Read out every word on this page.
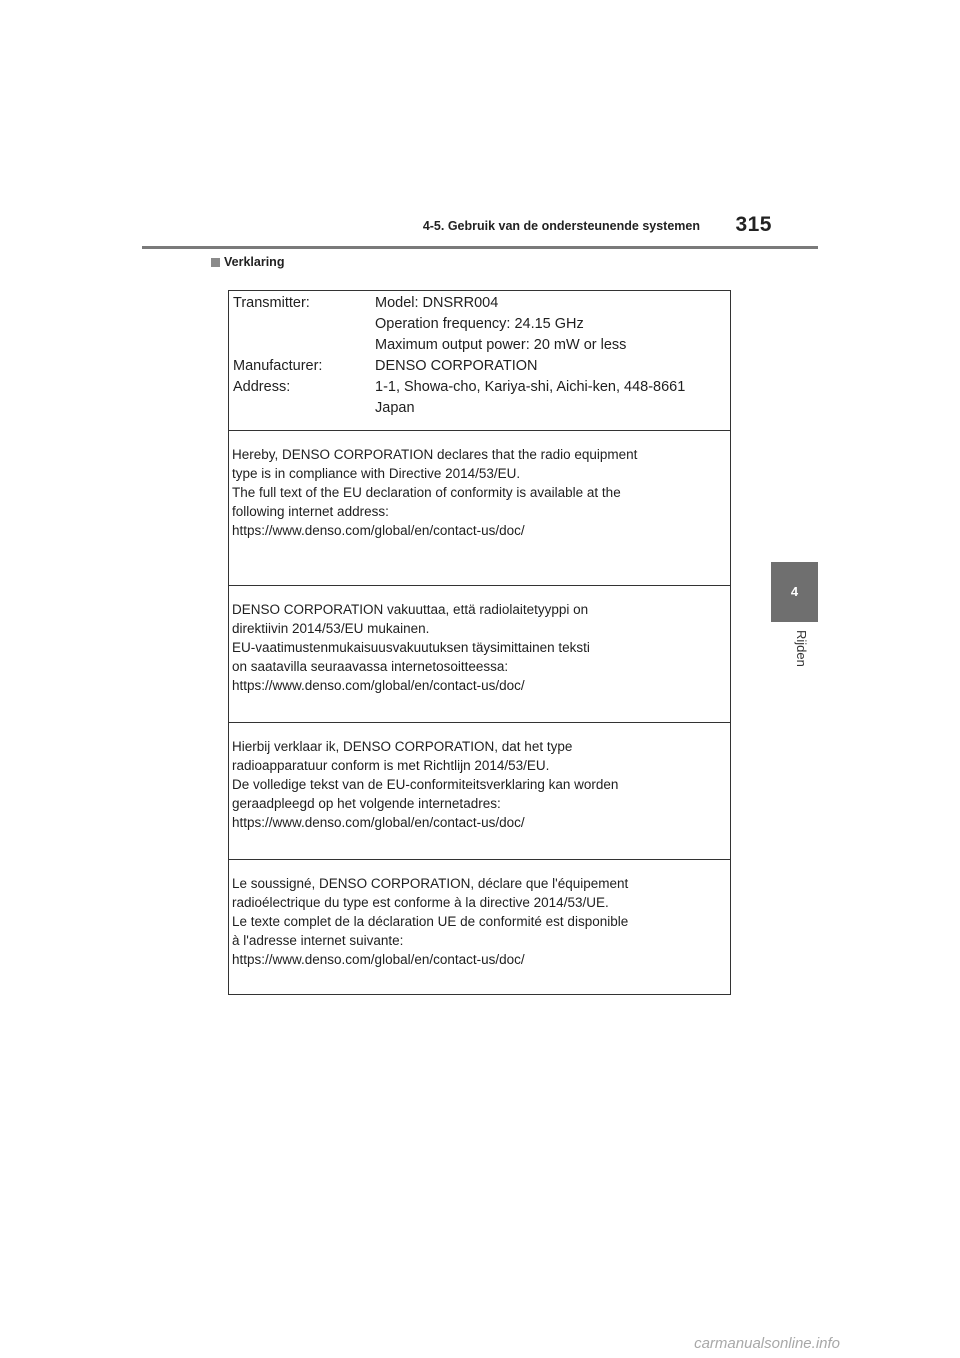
4-5. Gebruik van de ondersteunende systemen 315
4
Rijden
Verklaring
Transmitter:	Model: DNSRR004
Operation frequency: 24.15 GHz
Maximum output power: 20 mW or less
Manufacturer:	DENSO CORPORATION
Address:	1-1, Showa-cho, Kariya-shi, Aichi-ken, 448-8661
Japan
Hereby, DENSO CORPORATION declares that the radio equipment
type is in compliance with Directive 2014/53/EU.
The full text of the EU declaration of conformity is available at the
following internet address:
https://www.denso.com/global/en/contact-us/doc/
DENSO CORPORATION vakuuttaa, että radiolaitetyyppi on
direktiivin 2014/53/EU mukainen.
EU-vaatimustenmukaisuusvakuutuksen täysimittainen teksti
on saatavilla seuraavassa internetosoitteessa:
https://www.denso.com/global/en/contact-us/doc/
Hierbij verklaar ik, DENSO CORPORATION, dat het type
radioapparatuur conform is met Richtlijn 2014/53/EU.
De volledige tekst van de EU-conformiteitsverklaring kan worden
geraadpleegd op het volgende internetadres:
https://www.denso.com/global/en/contact-us/doc/
Le soussigné, DENSO CORPORATION, déclare que l'équipement
radioélectrique du type est conforme à la directive 2014/53/UE.
Le texte complet de la déclaration UE de conformité est disponible
à l'adresse internet suivante:
https://www.denso.com/global/en/contact-us/doc/
carmanualsonline.info
